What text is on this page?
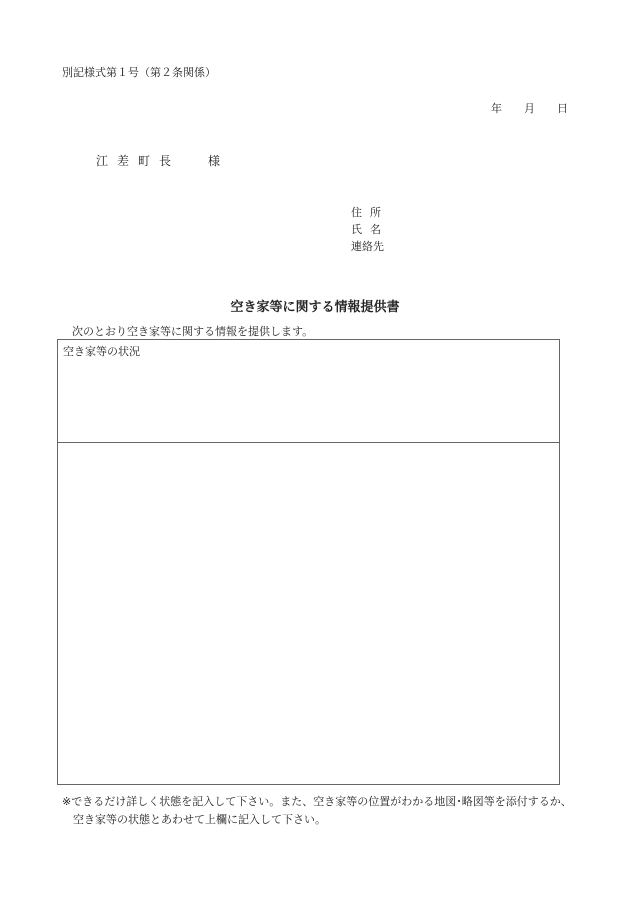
別記様式第１号（第２条関係）
年 月 日
江差町長 様
住所
氏名
連絡先
空き家等に関する情報提供書
次のとおり空き家等に関する情報を提供します。
空き家等の状況
※できるだけ詳しく状態を記入して下さい。また、空き家等の位置がわかる地図･略図等を添付するか、
空き家等の状態とあわせて上欄に記入して下さい。
